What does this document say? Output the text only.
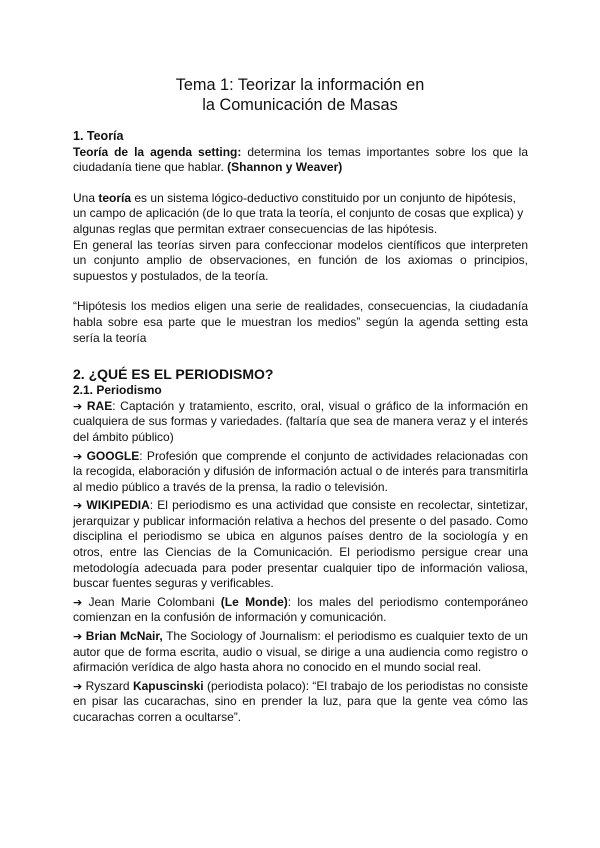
Tema 1: Teorizar la información en
la Comunicación de Masas

1. Teoría

Teoría de la agenda setting: determina los temas importantes sobre los que la ciudadanía tiene que hablar. (Shannon y Weaver)

Una teoría es un sistema lógico-deductivo constituido por un conjunto de hipótesis, un campo de aplicación (de lo que trata la teoría, el conjunto de cosas que explica) y algunas reglas que permitan extraer consecuencias de las hipótesis.

En general las teorías sirven para confeccionar modelos científicos que interpreten un conjunto amplio de observaciones, en función de los axiomas o principios, supuestos y postulados, de la teoría.

“Hipótesis los medios eligen una serie de realidades, consecuencias, la ciudadanía habla sobre esa parte que le muestran los medios” según la agenda setting esta sería la teoría

2. ¿QUÉ ES EL PERIODISMO?

2.1. Periodismo

➔ RAE: Captación y tratamiento, escrito, oral, visual o gráfico de la información en cualquiera de sus formas y variedades. (faltaría que sea de manera veraz y el interés del ámbito público)

➔ GOOGLE: Profesión que comprende el conjunto de actividades relacionadas con la recogida, elaboración y difusión de información actual o de interés para transmitirla al medio público a través de la prensa, la radio o televisión.

➔ WIKIPEDIA: El periodismo es una actividad que consiste en recolectar, sintetizar, jerarquizar y publicar información relativa a hechos del presente o del pasado. Como disciplina el periodismo se ubica en algunos países dentro de la sociología y en otros, entre las Ciencias de la Comunicación. El periodismo persigue crear una metodología adecuada para poder presentar cualquier tipo de información valiosa, buscar fuentes seguras y verificables.

➔ Jean Marie Colombani (Le Monde): los males del periodismo contemporáneo comienzan en la confusión de información y comunicación.

➔ Brian McNair, The Sociology of Journalism: el periodismo es cualquier texto de un autor que de forma escrita, audio o visual, se dirige a una audiencia como registro o afirmación verídica de algo hasta ahora no conocido en el mundo social real.

➔ Ryszard Kapuscinski (periodista polaco): “El trabajo de los periodistas no consiste en pisar las cucarachas, sino en prender la luz, para que la gente vea cómo las cucarachas corren a ocultarse”.
